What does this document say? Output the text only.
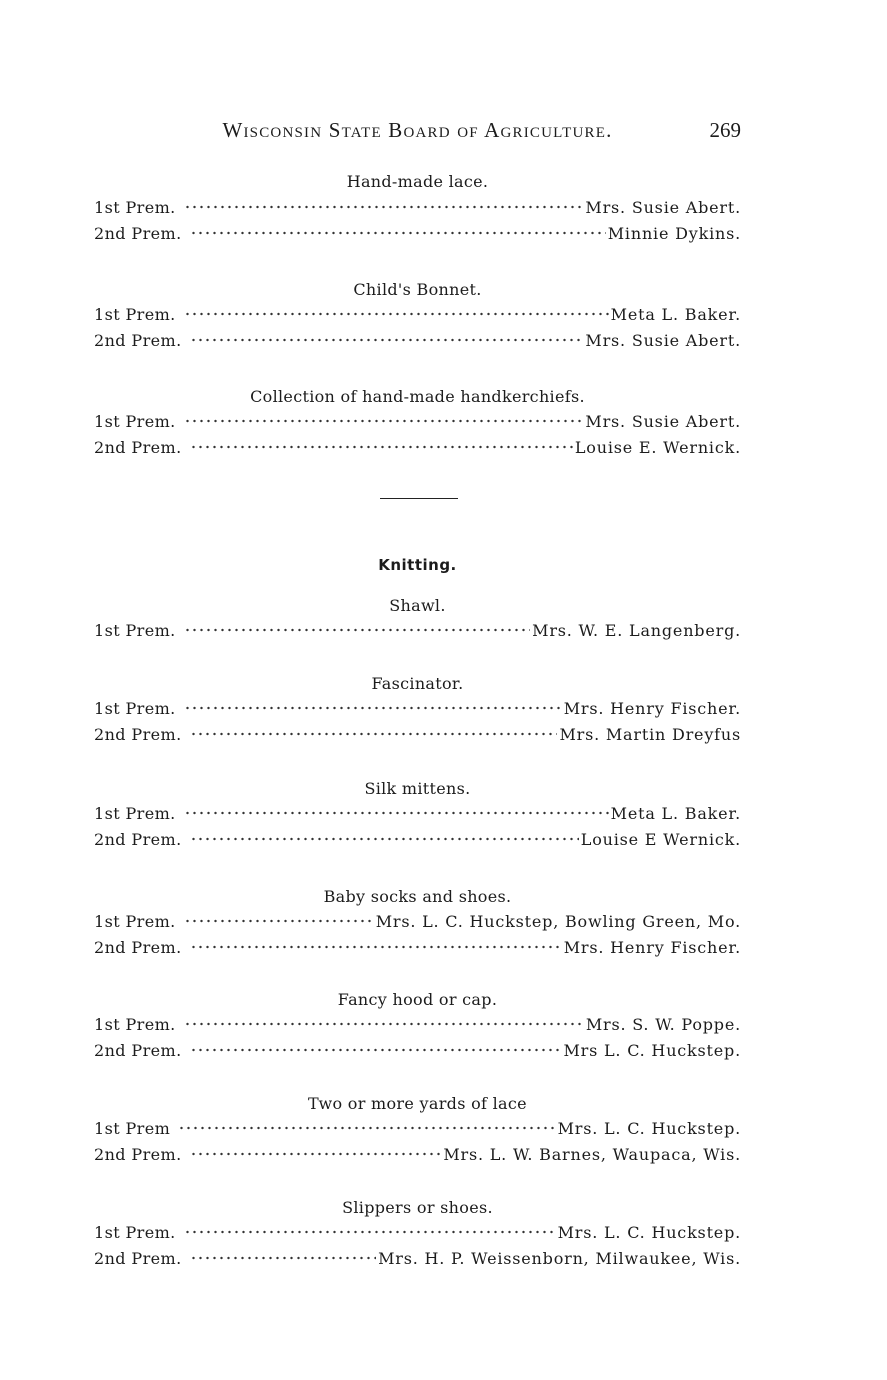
Wisconsin State Board of Agriculture.	269
Hand-made lace.
1st Prem.	Mrs. Susie Abert.
2nd Prem.	Minnie Dykins.
Child's Bonnet.
1st Prem.	Meta L. Baker.
2nd Prem.	Mrs. Susie Abert.
Collection of hand-made handkerchiefs.
1st Prem.	Mrs. Susie Abert.
2nd Prem.	Louise E. Wernick.
Knitting.
Shawl.
1st Prem.	Mrs. W. E. Langenberg.
Fascinator.
1st Prem.	Mrs. Henry Fischer.
2nd Prem.	Mrs. Martin Dreyfus
Silk mittens.
1st Prem.	Meta L. Baker.
2nd Prem.	Louise E Wernick.
Baby socks and shoes.
1st Prem.	Mrs. L. C. Huckstep, Bowling Green, Mo.
2nd Prem.	Mrs. Henry Fischer.
Fancy hood or cap.
1st Prem.	Mrs. S. W. Poppe.
2nd Prem.	Mrs L. C. Huckstep.
Two or more yards of lace
1st Prem	Mrs. L. C. Huckstep.
2nd Prem.	Mrs. L. W. Barnes, Waupaca, Wis.
Slippers or shoes.
1st Prem.	Mrs. L. C. Huckstep.
2nd Prem.	Mrs. H. P. Weissenborn, Milwaukee, Wis.
